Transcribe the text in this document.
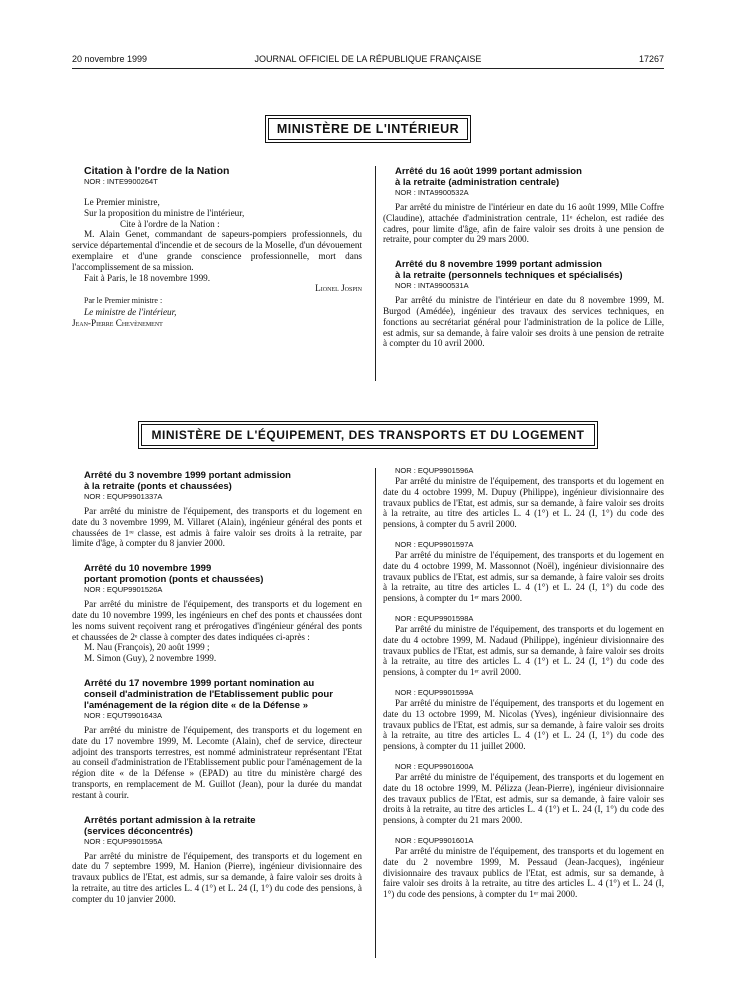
20 novembre 1999	JOURNAL OFFICIEL DE LA RÉPUBLIQUE FRANÇAISE	17267
MINISTÈRE DE L'INTÉRIEUR

Citation à l'ordre de la Nation

NOR : INTE9900264T

Le Premier ministre,

Sur la proposition du ministre de l'intérieur,

Cite à l'ordre de la Nation :

M. Alain Genet, commandant de sapeurs-pompiers professionnels, du service départemental d'incendie et de secours de la Moselle, d'un dévouement exemplaire et d'une grande conscience professionnelle, mort dans l'accomplissement de sa mission.

Fait à Paris, le 18 novembre 1999.

Lionel Jospin

Par le Premier ministre :

Le ministre de l'intérieur,

Jean-Pierre Chevènement

Arrêté du 16 août 1999 portant admission

à la retraite (administration centrale)

NOR : INTA9900532A

Par arrêté du ministre de l'intérieur en date du 16 août 1999, Mlle Coffre (Claudine), attachée d'administration centrale, 11ᵉ échelon, est radiée des cadres, pour limite d'âge, afin de faire valoir ses droits à une pension de retraite, pour compter du 29 mars 2000.

Arrêté du 8 novembre 1999 portant admission

à la retraite (personnels techniques et spécialisés)

NOR : INTA9900531A

Par arrêté du ministre de l'intérieur en date du 8 novembre 1999, M. Burgod (Amédée), ingénieur des travaux des services techniques, en fonctions au secrétariat général pour l'administration de la police de Lille, est admis, sur sa demande, à faire valoir ses droits à une pension de retraite à compter du 10 avril 2000.

MINISTÈRE DE L'ÉQUIPEMENT, DES TRANSPORTS ET DU LOGEMENT

Arrêté du 3 novembre 1999 portant admission

à la retraite (ponts et chaussées)

NOR : EQUP9901337A

Par arrêté du ministre de l'équipement, des transports et du logement en date du 3 novembre 1999, M. Villaret (Alain), ingénieur général des ponts et chaussées de 1ʳᵉ classe, est admis à faire valoir ses droits à la retraite, par limite d'âge, à compter du 8 janvier 2000.

Arrêté du 10 novembre 1999

portant promotion (ponts et chaussées)

NOR : EQUP9901526A

Par arrêté du ministre de l'équipement, des transports et du logement en date du 10 novembre 1999, les ingénieurs en chef des ponts et chaussées dont les noms suivent reçoivent rang et prérogatives d'ingénieur général des ponts et chaussées de 2ᵉ classe à compter des dates indiquées ci-après :

M. Nau (François), 20 août 1999 ;

M. Simon (Guy), 2 novembre 1999.

Arrêté du 17 novembre 1999 portant nomination au

conseil d'administration de l'Etablissement public pour

l'aménagement de la région dite « de la Défense »

NOR : EQUT9901643A

Par arrêté du ministre de l'équipement, des transports et du logement en date du 17 novembre 1999, M. Lecomte (Alain), chef de service, directeur adjoint des transports terrestres, est nommé administrateur représentant l'Etat au conseil d'administration de l'Etablissement public pour l'aménagement de la région dite « de la Défense » (EPAD) au titre du ministère chargé des transports, en remplacement de M. Guillot (Jean), pour la durée du mandat restant à courir.

Arrêtés portant admission à la retraite

(services déconcentrés)

NOR : EQUP9901595A

Par arrêté du ministre de l'équipement, des transports et du logement en date du 7 septembre 1999, M. Hanion (Pierre), ingénieur divisionnaire des travaux publics de l'Etat, est admis, sur sa demande, à faire valoir ses droits à la retraite, au titre des articles L. 4 (1°) et L. 24 (I, 1°) du code des pensions, à compter du 10 janvier 2000.

NOR : EQUP9901596A

Par arrêté du ministre de l'équipement, des transports et du logement en date du 4 octobre 1999, M. Dupuy (Philippe), ingénieur divisionnaire des travaux publics de l'Etat, est admis, sur sa demande, à faire valoir ses droits à la retraite, au titre des articles L. 4 (1°) et L. 24 (I, 1°) du code des pensions, à compter du 5 avril 2000.

NOR : EQUP9901597A

Par arrêté du ministre de l'équipement, des transports et du logement en date du 4 octobre 1999, M. Massonnot (Noël), ingénieur divisionnaire des travaux publics de l'Etat, est admis, sur sa demande, à faire valoir ses droits à la retraite, au titre des articles L. 4 (1°) et L. 24 (I, 1°) du code des pensions, à compter du 1ᵉʳ mars 2000.

NOR : EQUP9901598A

Par arrêté du ministre de l'équipement, des transports et du logement en date du 4 octobre 1999, M. Nadaud (Philippe), ingénieur divisionnaire des travaux publics de l'Etat, est admis, sur sa demande, à faire valoir ses droits à la retraite, au titre des articles L. 4 (1°) et L. 24 (I, 1°) du code des pensions, à compter du 1ᵉʳ avril 2000.

NOR : EQUP9901599A

Par arrêté du ministre de l'équipement, des transports et du logement en date du 13 octobre 1999, M. Nicolas (Yves), ingénieur divisionnaire des travaux publics de l'Etat, est admis, sur sa demande, à faire valoir ses droits à la retraite, au titre des articles L. 4 (1°) et L. 24 (I, 1°) du code des pensions, à compter du 11 juillet 2000.

NOR : EQUP9901600A

Par arrêté du ministre de l'équipement, des transports et du logement en date du 18 octobre 1999, M. Pélizza (Jean-Pierre), ingénieur divisionnaire des travaux publics de l'Etat, est admis, sur sa demande, à faire valoir ses droits à la retraite, au titre des articles L. 4 (1°) et L. 24 (I, 1°) du code des pensions, à compter du 21 mars 2000.

NOR : EQUP9901601A

Par arrêté du ministre de l'équipement, des transports et du logement en date du 2 novembre 1999, M. Pessaud (Jean-Jacques), ingénieur divisionnaire des travaux publics de l'Etat, est admis, sur sa demande, à faire valoir ses droits à la retraite, au titre des articles L. 4 (1°) et L. 24 (I, 1°) du code des pensions, à compter du 1ᵉʳ mai 2000.
